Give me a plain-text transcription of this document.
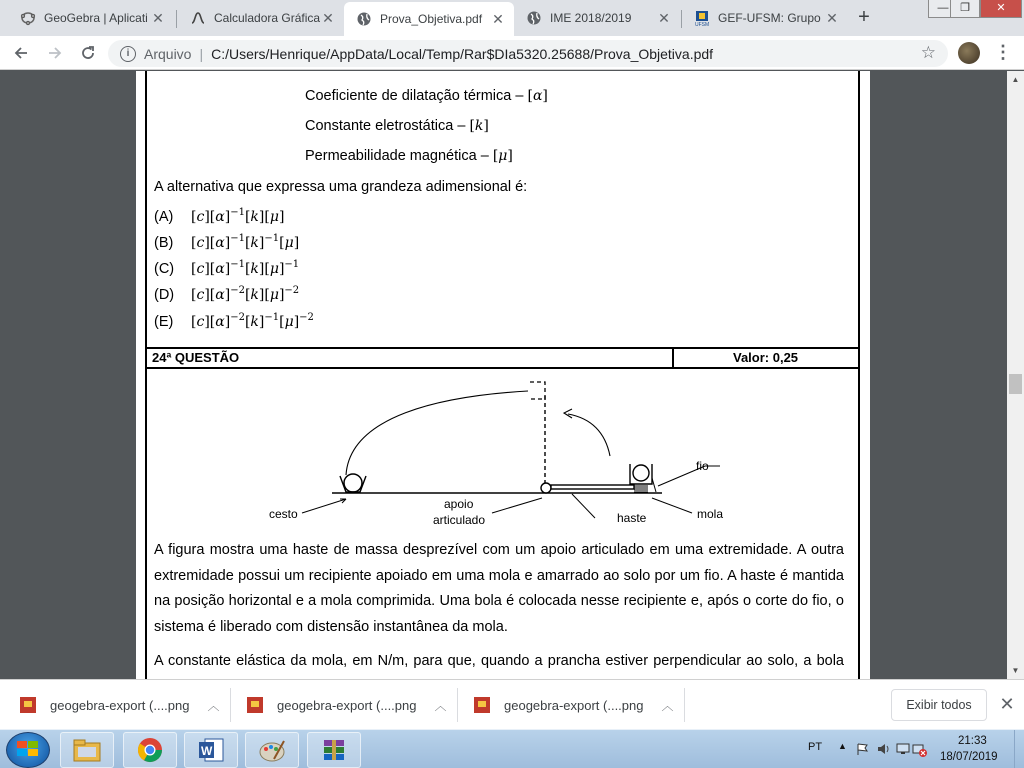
GeoGebra | Aplicati ✕	Calculadora Gráfica ✕	Prova_Objetiva.pdf ✕	IME 2018/2019	✕	UFSM GEF-UFSM: Grupo ✕	+	—	❐	✕
i	Arquivo | C:/Users/Henrique/AppData/Local/Temp/Rar$DIa5320.25688/Prova_Objetiva.pdf	☆	⋮
Coeficiente de dilatação térmica – [α]
Constante eletrostática – [k]
Permeabilidade magnética – [μ]
A alternativa que expressa uma grandeza adimensional é:
(A) $[c][\alpha]^{-1}[k][\mu]$
(B) $[c][\alpha]^{-1}[k]^{-1}[\mu]$
(C) $[c][\alpha]^{-1}[k][\mu]^{-1}$
(D) $[c][\alpha]^{-2}[k][\mu]^{-2}$
(E) $[c][\alpha]^{-2}[k]^{-1}[\mu]^{-2}$
24ª QUESTÃO	Valor: 0,25
cesto
apoio
articulado	haste	mola
fio
A figura mostra uma haste de massa desprezível com um apoio articulado em uma extremidade. A outra
extremidade possui um recipiente apoiado em uma mola e amarrado ao solo por um fio. A haste é mantida
na posição horizontal e a mola comprimida. Uma bola é colocada nesse recipiente e, após o corte do fio, o
sistema é liberado com distensão instantânea da mola.
A constante elástica da mola, em N/m, para que, quando a prancha estiver perpendicular ao solo, a bola
▲
▼
geogebra-export (....png ︿	geogebra-export (....png ︿	geogebra-export (....png ︿	Exibir todos	✕
W	PT ▲	21:33
18/07/2019
